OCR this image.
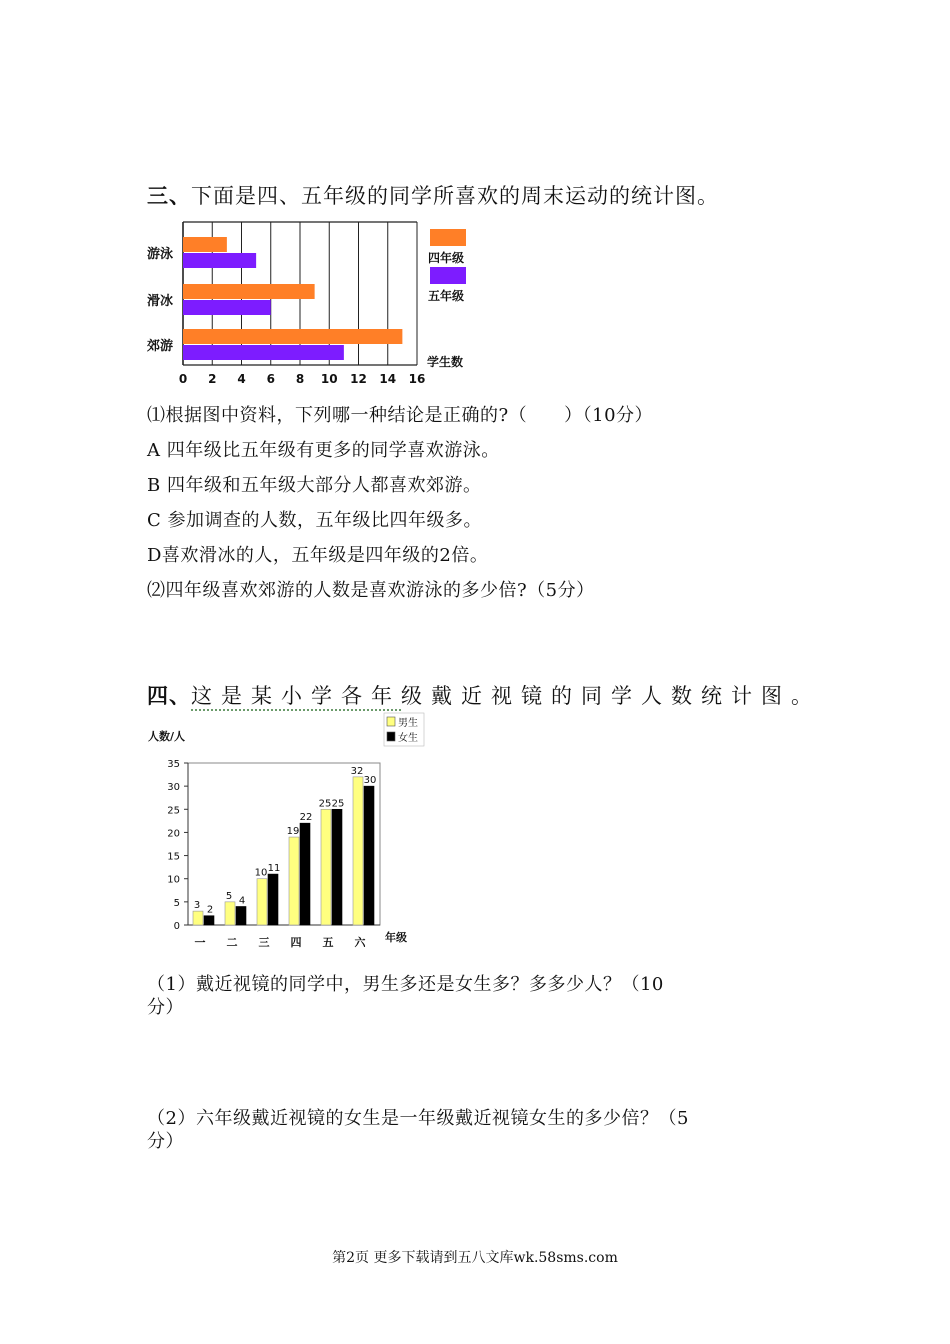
三、下面是四、五年级的同学所喜欢的周末运动的统计图。
0 2 4 6 8 10 12 14 16
游泳
滑冰
郊游
四年级
五年级
学生数
⑴根据图中资料，下列哪一种结论是正确的?（　　）（10分）
A 四年级比五年级有更多的同学喜欢游泳。
B 四年级和五年级大部分人都喜欢郊游。
C 参加调查的人数，五年级比四年级多。
D喜欢滑冰的人，五年级是四年级的2倍。
⑵四年级喜欢郊游的人数是喜欢游泳的多少倍?（5分）
四、这是某小学各年级戴近视镜的同学人数统计图。
35
30
25
20
15
10
5
0
人数/人
年级
一
3 2
二
5 4
三
10 11
四
19
22
五
25 25
六
32
30
男生
女生
（1）戴近视镜的同学中，男生多还是女生多？多多少人？（10
分）
（2）六年级戴近视镜的女生是一年级戴近视镜女生的多少倍？（5
分）
第2页 更多下载请到五八文库wk.58sms.com
